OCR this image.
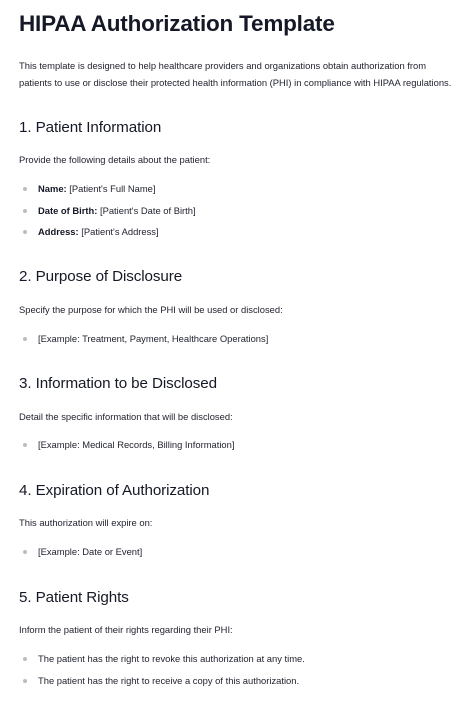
HIPAA Authorization Template

This template is designed to help healthcare providers and organizations obtain authorization from patients to use or disclose their protected health information (PHI) in compliance with HIPAA regulations.

1. Patient Information

Provide the following details about the patient:

Name: [Patient's Full Name]
Date of Birth: [Patient's Date of Birth]
Address: [Patient's Address]
2. Purpose of Disclosure

Specify the purpose for which the PHI will be used or disclosed:

[Example: Treatment, Payment, Healthcare Operations]
3. Information to be Disclosed

Detail the specific information that will be disclosed:

[Example: Medical Records, Billing Information]
4. Expiration of Authorization

This authorization will expire on:

[Example: Date or Event]
5. Patient Rights

Inform the patient of their rights regarding their PHI:

The patient has the right to revoke this authorization at any time.
The patient has the right to receive a copy of this authorization.
